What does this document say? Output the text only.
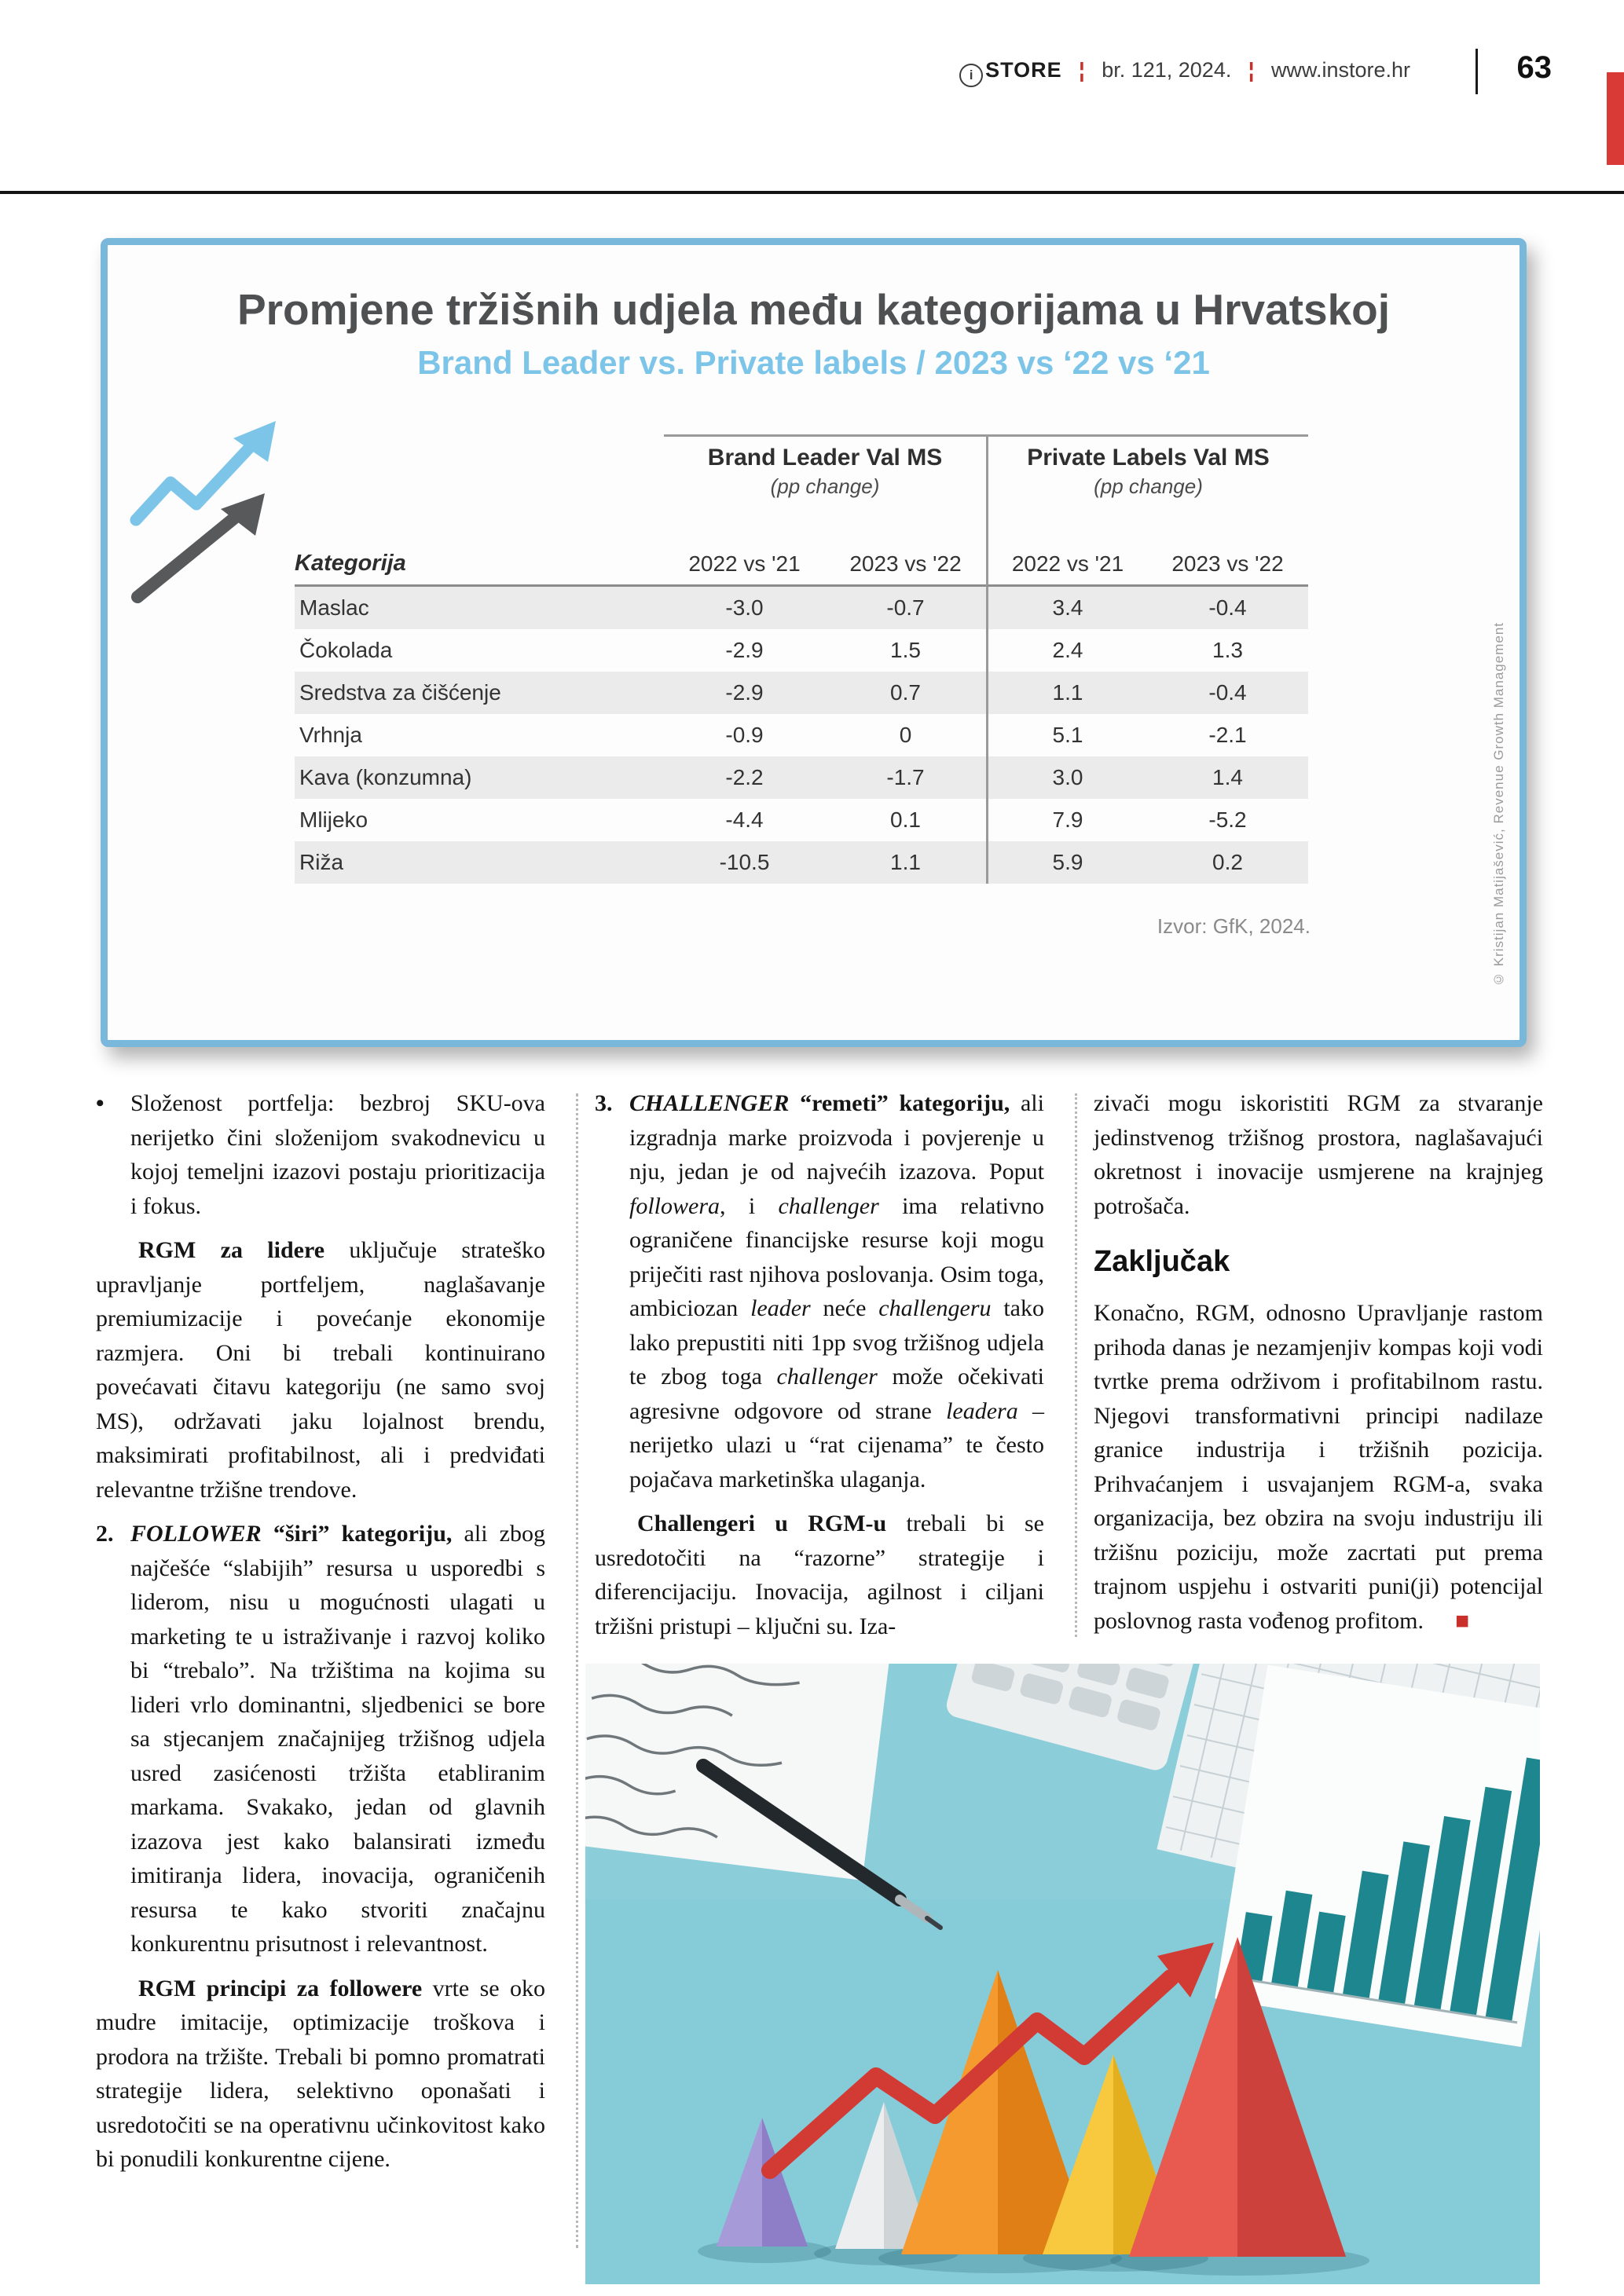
i STORE ¦ br. 121, 2024. ¦ www.instore.hr	63
Promjene tržišnih udjela među kategorijama u Hrvatskoj
Brand Leader vs. Private labels / 2023 vs ‘22 vs ‘21
Brand Leader Val MS
(pp change)
Private Labels Val MS
(pp change)
Kategorija	2022 vs '21	2023 vs '22	2022 vs '21	2023 vs '22
Maslac	-3.0	-0.7	3.4	-0.4
Čokolada	-2.9	1.5	2.4	1.3
Sredstva za čišćenje	-2.9	0.7	1.1	-0.4
Vrhnja	-0.9	0	5.1	-2.1
Kava (konzumna)	-2.2	-1.7	3.0	1.4
Mlijeko	-4.4	0.1	7.9	-5.2
Riža	-10.5	1.1	5.9	0.2
Izvor: GfK, 2024.	© Kristijan Matijašević, Revenue Growth Management

• Složenost portfelja: bezbroj SKU-ova nerijetko čini složenijom svakodnevicu u kojoj temeljni izazovi postaju prioritizacija i fokus.

RGM za lidere uključuje strateško upravljanje portfeljem, naglašavanje premiumizacije i povećanje ekonomije razmjera. Oni bi trebali kontinuirano povećavati čitavu kategoriju (ne samo svoj MS), održavati jaku lojalnost brendu, maksimirati profitabilnost, ali i predviđati relevantne tržišne trendove.

2. FOLLOWER “širi” kategoriju, ali zbog najčešće “slabijih” resursa u usporedbi s liderom, nisu u mogućnosti ulagati u marketing te u istraživanje i razvoj koliko bi “trebalo”. Na tržištima na kojima su lideri vrlo dominantni, sljedbenici se bore sa stjecanjem značajnijeg tržišnog udjela usred zasićenosti tržišta etabliranim markama. Svakako, jedan od glavnih izazova jest kako balansirati između imitiranja lidera, inovacija, ograničenih resursa te kako stvoriti značajnu konkurentnu prisutnost i relevantnost.

RGM principi za followere vrte se oko mudre imitacije, optimizacije troškova i prodora na tržište. Trebali bi pomno promatrati strategije lidera, selektivno oponašati i usredotočiti se na operativnu učinkovitost kako bi ponudili konkurentne cijene.

3. CHALLENGER “remeti” kategoriju, ali izgradnja marke proizvoda i povjerenje u nju, jedan je od najvećih izazova. Poput followera, i challenger ima relativno ograničene financijske resurse koji mogu priječiti rast njihova poslovanja. Osim toga, ambiciozan leader neće challengeru tako lako prepustiti niti 1pp svog tržišnog udjela te zbog toga challenger može očekivati agresivne odgovore od strane leadera – nerijetko ulazi u “rat cijenama” te često pojačava marketinška ulaganja.

Challengeri u RGM-u trebali bi se usredotočiti na “razorne” strategije i diferencijaciju. Inovacija, agilnost i ciljani tržišni pristupi – ključni su. Iza-

zivači mogu iskoristiti RGM za stvaranje jedinstvenog tržišnog prostora, naglašavajući okretnost i inovacije usmjerene na krajnjeg potrošača.

Zaključak

Konačno, RGM, odnosno Upravljanje rastom prihoda danas je nezamjenjiv kompas koji vodi tvrtke prema održivom i profitabilnom rastu. Njegovi transformativni principi nadilaze granice industrija i tržišnih pozicija. Prihvaćanjem i usvajanjem RGM-a, svaka organizacija, bez obzira na svoju industriju ili tržišnu poziciju, može zacrtati put prema trajnom uspjehu i ostvariti puni(ji) potencijal poslovnog rasta vođenog profitom. ■
